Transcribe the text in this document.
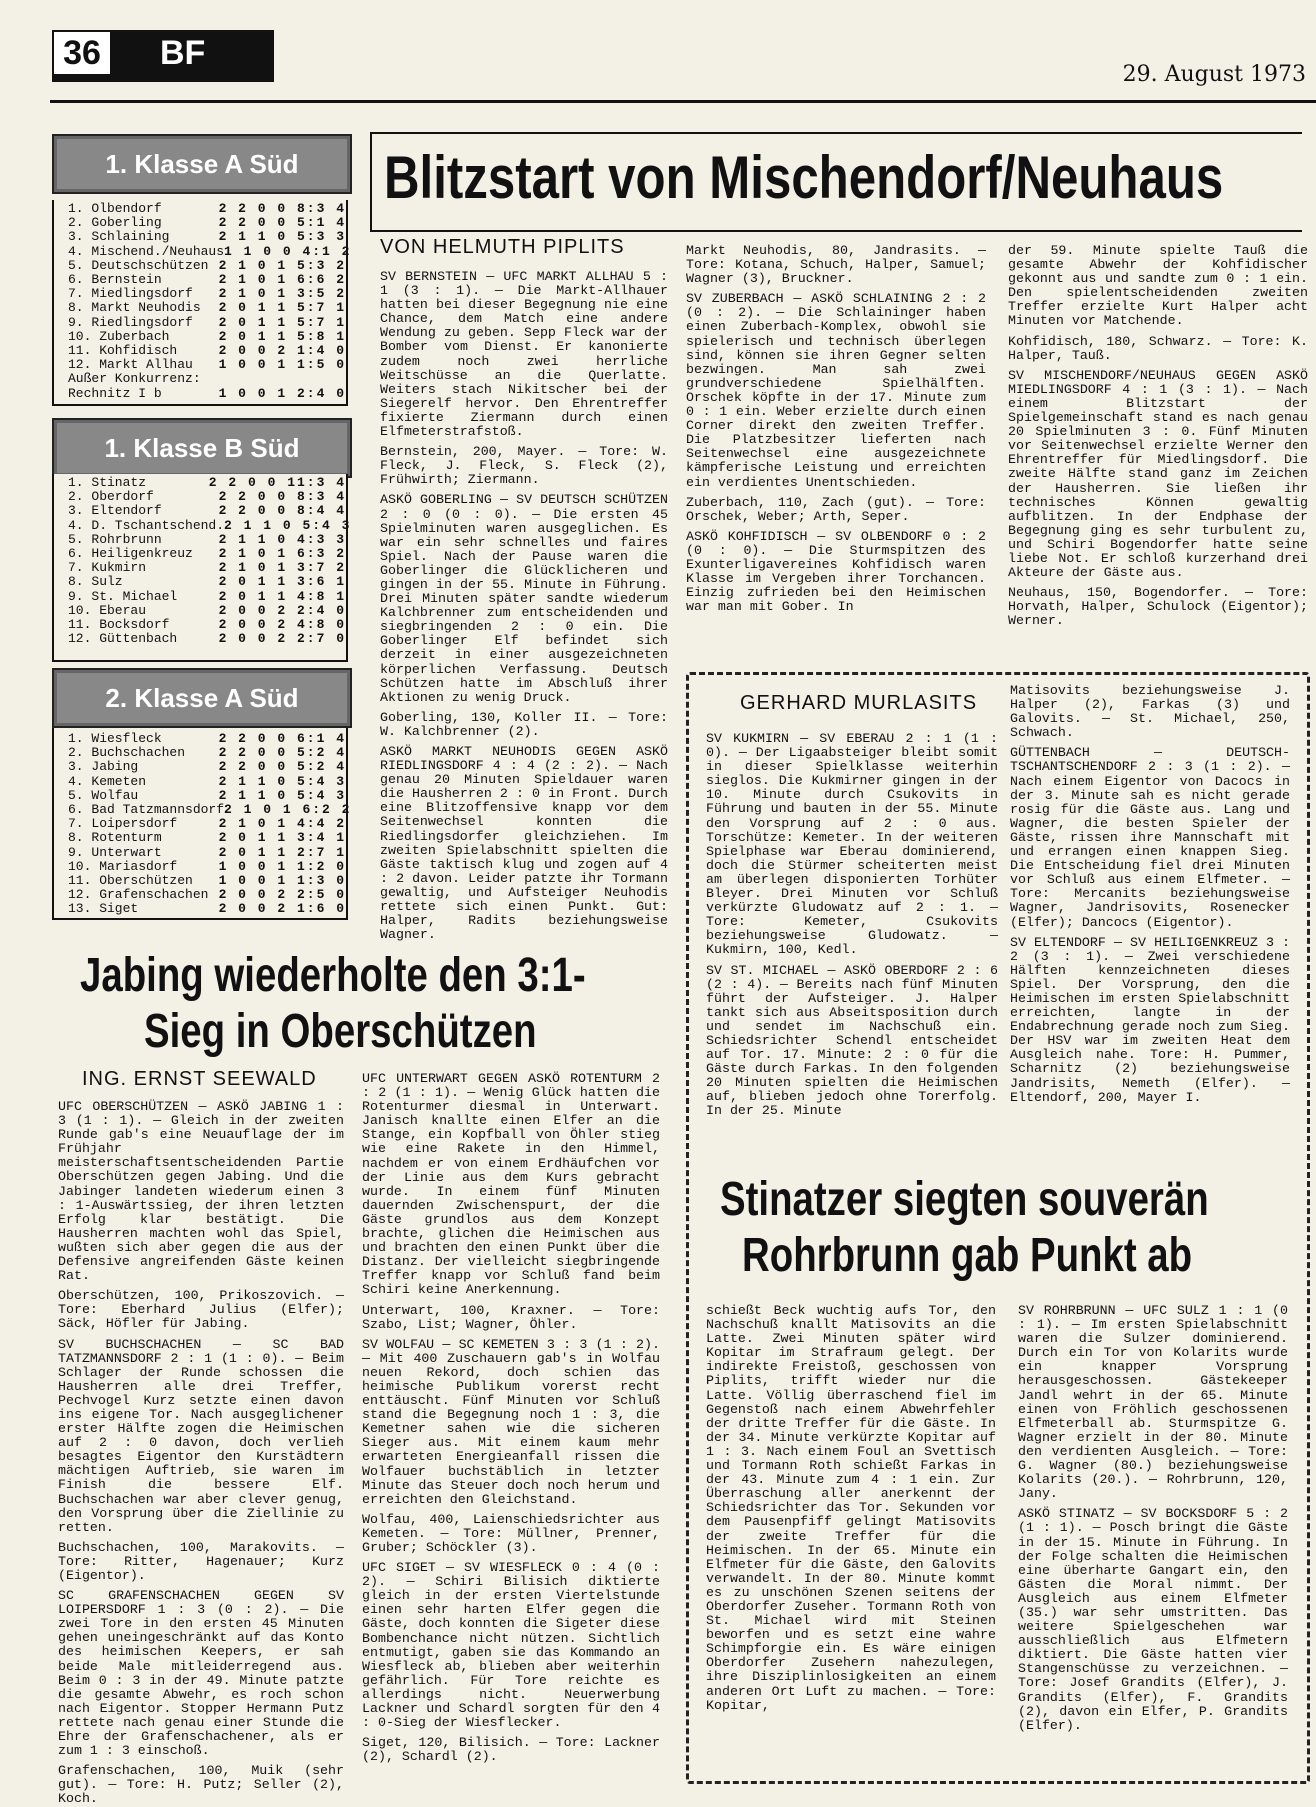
36 BF
29. August 1973
1. Klasse A Süd
1. Olbendorf	2 2 0 0 8:3 4
2. Goberling	2 2 0 0 5:1 4
3. Schlaining	2 1 1 0 5:3 3
4. Mischend./Neuhaus 1 1 0 0 4:1 2
5. Deutschschützen 2 1 0 1 5:3 2
6. Bernstein	2 1 0 1 6:6 2
7. Miedlingsdorf	2 1 0 1 3:5 2
8. Markt Neuhodis	2 0 1 1 5:7 1
9. Riedlingsdorf	2 0 1 1 5:7 1
10. Zuberbach	2 0 1 1 5:8 1
11. Kohfidisch	2 0 0 2 1:4 0
12. Markt Allhau	1 0 0 1 1:5 0
Außer Konkurrenz:
Rechnitz I b	1 0 0 1 2:4 0
1. Klasse B Süd
1. Stinatz	2 2 0 0 11:3 4
2. Oberdorf	2 2 0 0 8:3 4
3. Eltendorf	2 2 0 0 8:4 4
4. D. Tschantschend. 2 1 1 0 5:4 3
5. Rohrbrunn	2 1 1 0 4:3 3
6. Heiligenkreuz	2 1 0 1 6:3 2
7. Kukmirn	2 1 0 1 3:7 2
8. Sulz	2 0 1 1 3:6 1
9. St. Michael	2 0 1 1 4:8 1
10. Eberau	2 0 0 2 2:4 0
11. Bocksdorf	2 0 0 2 4:8 0
12. Güttenbach	2 0 0 2 2:7 0
2. Klasse A Süd
1. Wiesfleck	2 2 0 0 6:1 4
2. Buchschachen	2 2 0 0 5:2 4
3. Jabing	2 2 0 0 5:2 4
4. Kemeten	2 1 1 0 5:4 3
5. Wolfau	2 1 1 0 5:4 3
6. Bad Tatzmannsdorf 2 1 0 1 6:2 2
7. Loipersdorf	2 1 0 1 4:4 2
8. Rotenturm	2 0 1 1 3:4 1
9. Unterwart	2 0 1 1 2:7 1
10. Mariasdorf	1 0 0 1 1:2 0
11. Oberschützen	1 0 0 1 1:3 0
12. Grafenschachen 2 0 0 2 2:5 0
13. Siget	2 0 0 2 1:6 0
Blitzstart von Mischendorf/Neuhaus
VON HELMUTH PIPLITS

SV BERNSTEIN — UFC MARKT ALLHAU 5 : 1 (3 : 1). — Die Markt-Allhauer hatten bei dieser Begegnung nie eine Chance, dem Match eine andere Wendung zu geben. Sepp Fleck war der Bomber vom Dienst. Er kanonierte zudem noch zwei herrliche Weitschüsse an die Querlatte. Weiters stach Nikitscher bei der Siegerelf hervor. Den Ehrentreffer fixierte Ziermann durch einen Elfmeterstrafstoß.

Bernstein, 200, Mayer. — Tore: W. Fleck, J. Fleck, S. Fleck (2), Frühwirth; Ziermann.

ASKÖ GOBERLING — SV DEUTSCH SCHÜTZEN 2 : 0 (0 : 0). — Die ersten 45 Spielminuten waren ausgeglichen. Es war ein sehr schnelles und faires Spiel. Nach der Pause waren die Goberlinger die Glücklicheren und gingen in der 55. Minute in Führung. Drei Minuten später sandte wiederum Kalchbrenner zum entscheidenden und siegbringenden 2 : 0 ein. Die Goberlinger Elf befindet sich derzeit in einer ausgezeichneten körperlichen Verfassung. Deutsch Schützen hatte im Abschluß ihrer Aktionen zu wenig Druck.

Goberling, 130, Koller II. — Tore: W. Kalchbrenner (2).

ASKÖ MARKT NEUHODIS GEGEN ASKÖ RIEDLINGSDORF 4 : 4 (2 : 2). — Nach genau 20 Minuten Spieldauer waren die Hausherren 2 : 0 in Front. Durch eine Blitzoffensive knapp vor dem Seitenwechsel konnten die Riedlingsdorfer gleichziehen. Im zweiten Spielabschnitt spielten die Gäste taktisch klug und zogen auf 4 : 2 davon. Leider patzte ihr Tormann gewaltig, und Aufsteiger Neuhodis rettete sich einen Punkt. Gut: Halper, Radits beziehungsweise Wagner.

Markt Neuhodis, 80, Jandrasits. — Tore: Kotana, Schuch, Halper, Samuel; Wagner (3), Bruckner.

SV ZUBERBACH — ASKÖ SCHLAINING 2 : 2 (0 : 2). — Die Schlaininger haben einen Zuberbach-Komplex, obwohl sie spielerisch und technisch überlegen sind, können sie ihren Gegner selten bezwingen. Man sah zwei grundverschiedene Spielhälften. Orschek köpfte in der 17. Minute zum 0 : 1 ein. Weber erzielte durch einen Corner direkt den zweiten Treffer. Die Platzbesitzer lieferten nach Seitenwechsel eine ausgezeichnete kämpferische Leistung und erreichten ein verdientes Unentschieden.

Zuberbach, 110, Zach (gut). — Tore: Orschek, Weber; Arth, Seper.

ASKÖ KOHFIDISCH — SV OLBENDORF 0 : 2 (0 : 0). — Die Sturmspitzen des Exunterligavereines Kohfidisch waren Klasse im Vergeben ihrer Torchancen. Einzig zufrieden bei den Heimischen war man mit Gober. In

der 59. Minute spielte Tauß die gesamte Abwehr der Kohfidischer gekonnt aus und sandte zum 0 : 1 ein. Den spielentscheidenden zweiten Treffer erzielte Kurt Halper acht Minuten vor Matchende.

Kohfidisch, 180, Schwarz. — Tore: K. Halper, Tauß.

SV MISCHENDORF/NEUHAUS GEGEN ASKÖ MIEDLINGSDORF 4 : 1 (3 : 1). — Nach einem Blitzstart der Spielgemeinschaft stand es nach genau 20 Spielminuten 3 : 0. Fünf Minuten vor Seitenwechsel erzielte Werner den Ehrentreffer für Miedlingsdorf. Die zweite Hälfte stand ganz im Zeichen der Hausherren. Sie ließen ihr technisches Können gewaltig aufblitzen. In der Endphase der Begegnung ging es sehr turbulent zu, und Schiri Bogendorfer hatte seine liebe Not. Er schloß kurzerhand drei Akteure der Gäste aus.

Neuhaus, 150, Bogendorfer. — Tore: Horvath, Halper, Schulock (Eigentor); Werner.

Jabing wiederholte den 3:1-
Sieg in Oberschützen
ING. ERNST SEEWALD

UFC OBERSCHÜTZEN — ASKÖ JABING 1 : 3 (1 : 1). — Gleich in der zweiten Runde gab's eine Neuauflage der im Frühjahr meisterschaftsentscheidenden Partie Oberschützen gegen Jabing. Und die Jabinger landeten wiederum einen 3 : 1-Auswärtssieg, der ihren letzten Erfolg klar bestätigt. Die Hausherren machten wohl das Spiel, wußten sich aber gegen die aus der Defensive angreifenden Gäste keinen Rat.

Oberschützen, 100, Prikoszovich. — Tore: Eberhard Julius (Elfer); Säck, Höfler für Jabing.

SV BUCHSCHACHEN — SC BAD TATZMANNSDORF 2 : 1 (1 : 0). — Beim Schlager der Runde schossen die Hausherren alle drei Treffer, Pechvogel Kurz setzte einen davon ins eigene Tor. Nach ausgeglichener erster Hälfte zogen die Heimischen auf 2 : 0 davon, doch verlieh besagtes Eigentor den Kurstädtern mächtigen Auftrieb, sie waren im Finish die bessere Elf. Buchschachen war aber clever genug, den Vorsprung über die Ziellinie zu retten.

Buchschachen, 100, Marakovits. — Tore: Ritter, Hagenauer; Kurz (Eigentor).

SC GRAFENSCHACHEN GEGEN SV LOIPERSDORF 1 : 3 (0 : 2). — Die zwei Tore in den ersten 45 Minuten gehen uneingeschränkt auf das Konto des heimischen Keepers, er sah beide Male mitleiderregend aus. Beim 0 : 3 in der 49. Minute patzte die gesamte Abwehr, es roch schon nach Eigentor. Stopper Hermann Putz rettete nach genau einer Stunde die Ehre der Grafenschachener, als er zum 1 : 3 einschoß.

Grafenschachen, 100, Muik (sehr gut). — Tore: H. Putz; Seller (2), Koch.

UFC UNTERWART GEGEN ASKÖ ROTENTURM 2 : 2 (1 : 1). — Wenig Glück hatten die Rotenturmer diesmal in Unterwart. Janisch knallte einen Elfer an die Stange, ein Kopfball von Öhler stieg wie eine Rakete in den Himmel, nachdem er von einem Erdhäufchen vor der Linie aus dem Kurs gebracht wurde. In einem fünf Minuten dauernden Zwischenspurt, der die Gäste grundlos aus dem Konzept brachte, glichen die Heimischen aus und brachten den einen Punkt über die Distanz. Der vielleicht siegbringende Treffer knapp vor Schluß fand beim Schiri keine Anerkennung.

Unterwart, 100, Kraxner. — Tore: Szabo, List; Wagner, Öhler.

SV WOLFAU — SC KEMETEN 3 : 3 (1 : 2). — Mit 400 Zuschauern gab's in Wolfau neuen Rekord, doch schien das heimische Publikum vorerst recht enttäuscht. Fünf Minuten vor Schluß stand die Begegnung noch 1 : 3, die Kemetner sahen wie die sicheren Sieger aus. Mit einem kaum mehr erwarteten Energieanfall rissen die Wolfauer buchstäblich in letzter Minute das Steuer doch noch herum und erreichten den Gleichstand.

Wolfau, 400, Laienschiedsrichter aus Kemeten. — Tore: Müllner, Prenner, Gruber; Schöckler (3).

UFC SIGET — SV WIESFLECK 0 : 4 (0 : 2). — Schiri Bilisich diktierte gleich in der ersten Viertelstunde einen sehr harten Elfer gegen die Gäste, doch konnten die Sigeter diese Bombenchance nicht nützen. Sichtlich entmutigt, gaben sie das Kommando an Wiesfleck ab, blieben aber weiterhin gefährlich. Für Tore reichte es allerdings nicht. Neuerwerbung Lackner und Schardl sorgten für den 4 : 0-Sieg der Wiesflecker.

Siget, 120, Bilisich. — Tore: Lackner (2), Schardl (2).

GERHARD MURLASITS

SV KUKMIRN — SV EBERAU 2 : 1 (1 : 0). — Der Ligaabsteiger bleibt somit in dieser Spielklasse weiterhin sieglos. Die Kukmirner gingen in der 10. Minute durch Csukovits in Führung und bauten in der 55. Minute den Vorsprung auf 2 : 0 aus. Torschütze: Kemeter. In der weiteren Spielphase war Eberau dominierend, doch die Stürmer scheiterten meist am überlegen disponierten Torhüter Bleyer. Drei Minuten vor Schluß verkürzte Gludowatz auf 2 : 1. — Tore: Kemeter, Csukovits beziehungsweise Gludowatz. — Kukmirn, 100, Kedl.

SV ST. MICHAEL — ASKÖ OBERDORF 2 : 6 (2 : 4). — Bereits nach fünf Minuten führt der Aufsteiger. J. Halper tankt sich aus Abseitsposition durch und sendet im Nachschuß ein. Schiedsrichter Schendl entscheidet auf Tor. 17. Minute: 2 : 0 für die Gäste durch Farkas. In den folgenden 20 Minuten spielten die Heimischen auf, blieben jedoch ohne Torerfolg. In der 25. Minute

Matisovits beziehungsweise J. Halper (2), Farkas (3) und Galovits. — St. Michael, 250, Schwach.

GÜTTENBACH — DEUTSCH-TSCHANTSCHENDORF 2 : 3 (1 : 2). — Nach einem Eigentor von Dacocs in der 3. Minute sah es nicht gerade rosig für die Gäste aus. Lang und Wagner, die besten Spieler der Gäste, rissen ihre Mannschaft mit und errangen einen knappen Sieg. Die Entscheidung fiel drei Minuten vor Schluß aus einem Elfmeter. — Tore: Mercanits beziehungsweise Wagner, Jandrisovits, Rosenecker (Elfer); Dancocs (Eigentor).

SV ELTENDORF — SV HEILIGENKREUZ 3 : 2 (3 : 1). — Zwei verschiedene Hälften kennzeichneten dieses Spiel. Der Vorsprung, den die Heimischen im ersten Spielabschnitt erreichten, langte in der Endabrechnung gerade noch zum Sieg. Der HSV war im zweiten Heat dem Ausgleich nahe. Tore: H. Pummer, Scharnitz (2) beziehungsweise Jandrisits, Nemeth (Elfer). — Eltendorf, 200, Mayer I.

Stinatzer siegten souverän
Rohrbrunn gab Punkt ab

schießt Beck wuchtig aufs Tor, den Nachschuß knallt Matisovits an die Latte. Zwei Minuten später wird Kopitar im Strafraum gelegt. Der indirekte Freistoß, geschossen von Piplits, trifft wieder nur die Latte. Völlig überraschend fiel im Gegenstoß nach einem Abwehrfehler der dritte Treffer für die Gäste. In der 34. Minute verkürzte Kopitar auf 1 : 3. Nach einem Foul an Svettisch und Tormann Roth schießt Farkas in der 43. Minute zum 4 : 1 ein. Zur Überraschung aller anerkennt der Schiedsrichter das Tor. Sekunden vor dem Pausenpfiff gelingt Matisovits der zweite Treffer für die Heimischen. In der 65. Minute ein Elfmeter für die Gäste, den Galovits verwandelt. In der 80. Minute kommt es zu unschönen Szenen seitens der Oberdorfer Zuseher. Tormann Roth von St. Michael wird mit Steinen beworfen und es setzt eine wahre Schimpforgie ein. Es wäre einigen Oberdorfer Zusehern nahezulegen, ihre Disziplinlosigkeiten an einem anderen Ort Luft zu machen. — Tore: Kopitar,

SV ROHRBRUNN — UFC SULZ 1 : 1 (0 : 1). — Im ersten Spielabschnitt waren die Sulzer dominierend. Durch ein Tor von Kolarits wurde ein knapper Vorsprung herausgeschossen. Gästekeeper Jandl wehrt in der 65. Minute einen von Fröhlich geschossenen Elfmeterball ab. Sturmspitze G. Wagner erzielt in der 80. Minute den verdienten Ausgleich. — Tore: G. Wagner (80.) beziehungsweise Kolarits (20.). — Rohrbrunn, 120, Jany.

ASKÖ STINATZ — SV BOCKSDORF 5 : 2 (1 : 1). — Posch bringt die Gäste in der 15. Minute in Führung. In der Folge schalten die Heimischen eine überharte Gangart ein, den Gästen die Moral nimmt. Der Ausgleich aus einem Elfmeter (35.) war sehr umstritten. Das weitere Spielgeschehen war ausschließlich aus Elfmetern diktiert. Die Gäste hatten vier Stangenschüsse zu verzeichnen. — Tore: Josef Grandits (Elfer), J. Grandits (Elfer), F. Grandits (2), davon ein Elfer, P. Grandits (Elfer).
